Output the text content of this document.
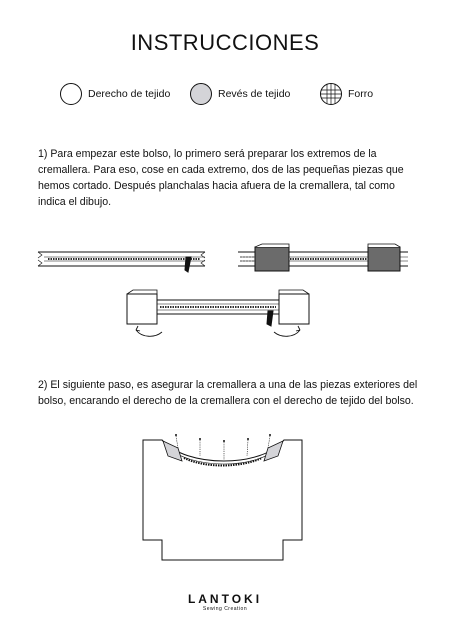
INSTRUCCIONES
Derecho de tejido	Revés de tejido	Forro
1) Para empezar este bolso, lo primero será preparar los extremos de la cremallera. Para eso, cose en cada extremo, dos de las pequeñas piezas que hemos cortado. Después planchalas hacia afuera de la cremallera, tal como indica el dibujo.
2) El siguiente paso, es asegurar la cremallera a una de las piezas exteriores del bolso, encarando el derecho de la cremallera con el derecho de tejido del bolso.
LANTOKI
Sewing Creation
